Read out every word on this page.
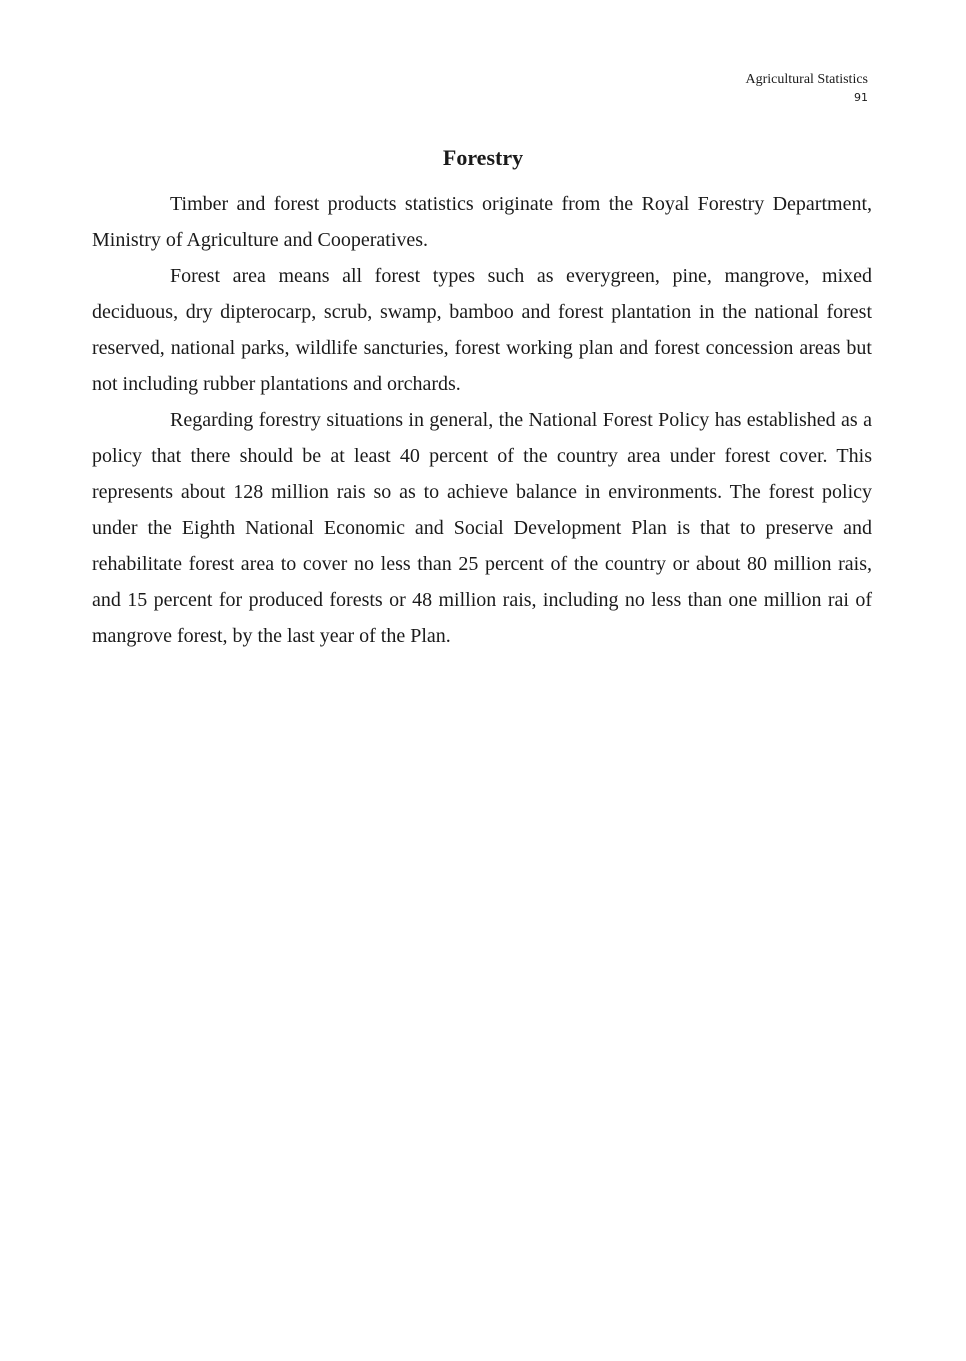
Agricultural Statistics
91
Forestry

Timber and forest products statistics originate from the Royal Forestry Department, Ministry of Agriculture and Cooperatives.

Forest area means all forest types such as everygreen, pine, mangrove, mixed deciduous, dry dipterocarp, scrub, swamp, bamboo and forest plantation in the national forest reserved, national parks, wildlife sancturies, forest working plan and forest concession areas but not including rubber plantations and orchards.

Regarding forestry situations in general, the National Forest Policy has established as a policy that there should be at least 40 percent of the country area under forest cover. This represents about 128 million rais so as to achieve balance in environments. The forest policy under the Eighth National Economic and Social Development Plan is that to preserve and rehabilitate forest area to cover no less than 25 percent of the country or about 80 million rais, and 15 percent for produced forests or 48 million rais, including no less than one million rai of mangrove forest, by the last year of the Plan.
